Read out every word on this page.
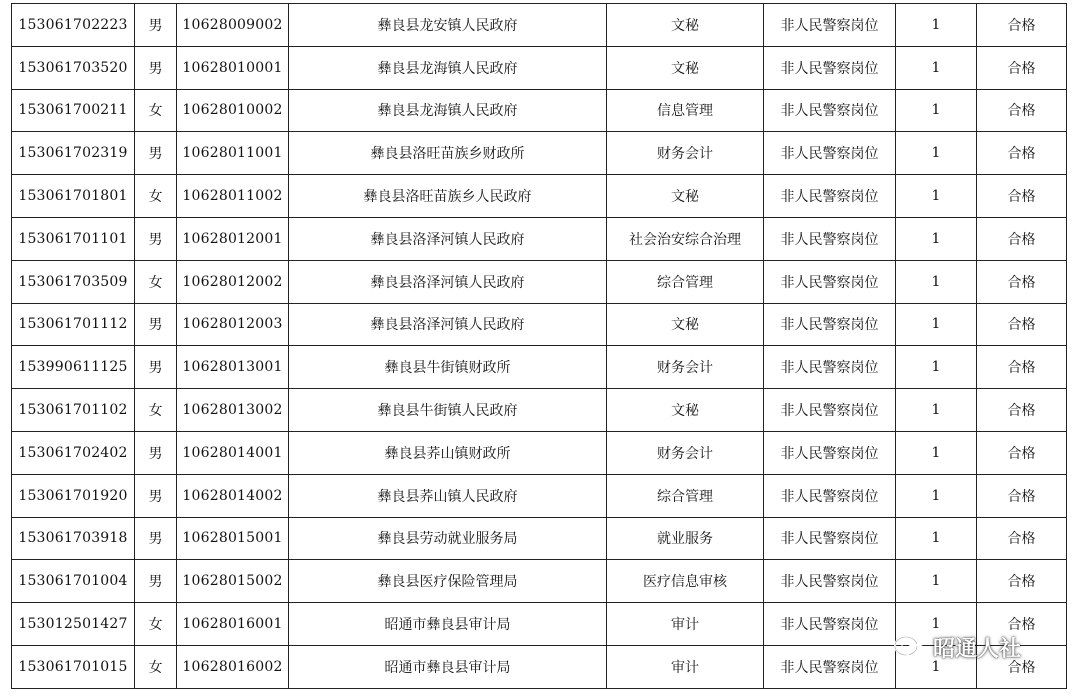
153061702223	男	10628009002	彝良县龙安镇人民政府	文秘	非人民警察岗位	1	合格
153061703520	男	10628010001	彝良县龙海镇人民政府	文秘	非人民警察岗位	1	合格
153061700211	女	10628010002	彝良县龙海镇人民政府	信息管理	非人民警察岗位	1	合格
153061702319	男	10628011001	彝良县洛旺苗族乡财政所	财务会计	非人民警察岗位	1	合格
153061701801	女	10628011002	彝良县洛旺苗族乡人民政府	文秘	非人民警察岗位	1	合格
153061701101	男	10628012001	彝良县洛泽河镇人民政府	社会治安综合治理	非人民警察岗位	1	合格
153061703509	女	10628012002	彝良县洛泽河镇人民政府	综合管理	非人民警察岗位	1	合格
153061701112	男	10628012003	彝良县洛泽河镇人民政府	文秘	非人民警察岗位	1	合格
153990611125	男	10628013001	彝良县牛街镇财政所	财务会计	非人民警察岗位	1	合格
153061701102	女	10628013002	彝良县牛街镇人民政府	文秘	非人民警察岗位	1	合格
153061702402	男	10628014001	彝良县荞山镇财政所	财务会计	非人民警察岗位	1	合格
153061701920	男	10628014002	彝良县荞山镇人民政府	综合管理	非人民警察岗位	1	合格
153061703918	男	10628015001	彝良县劳动就业服务局	就业服务	非人民警察岗位	1	合格
153061701004	男	10628015002	彝良县医疗保险管理局	医疗信息审核	非人民警察岗位	1	合格
153012501427	女	10628016001	昭通市彝良县审计局	审计	非人民警察岗位	1	合格
153061701015	女	10628016002	昭通市彝良县审计局	审计	非人民警察岗位	1	合格
昭通人社
